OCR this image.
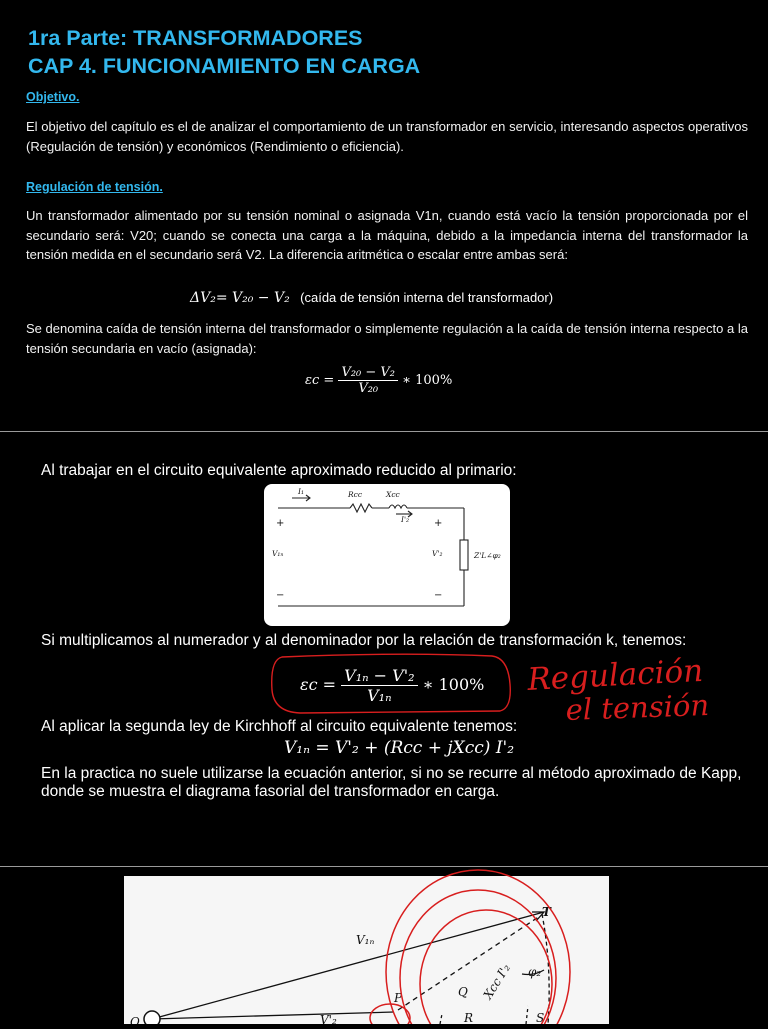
1ra Parte: TRANSFORMADORES
CAP 4. FUNCIONAMIENTO EN CARGA
Objetivo.
El objetivo del capítulo es el de analizar el comportamiento de un transformador en servicio, interesando aspectos operativos (Regulación de tensión) y económicos (Rendimiento o eficiencia).
Regulación de tensión.
Un transformador alimentado por su tensión nominal o asignada V1n, cuando está vacío la tensión proporcionada por el secundario será: V20; cuando se conecta una carga a la máquina, debido a la impedancia interna del transformador la tensión medida en el secundario será V2. La diferencia aritmética o escalar entre ambas será:
ΔV₂= V₂₀ − V₂ (caída de tensión interna del transformador)
Se denomina caída de tensión interna del transformador o simplemente regulación a la caída de tensión interna respecto a la tensión secundaria en vacío (asignada):
$\varepsilon c = \frac{\text{V₂₀ − V₂}}{\text{V₂₀}}$ ∗ 100%
Al trabajar en el circuito equivalente aproximado reducido al primario:
I₁	Rcc	Xcc
I'₂
V₁ₙ	V'₂	Z'L∠φ₂
+	+
−	−
Si multiplicamos al numerador y al denominador por la relación de transformación k, tenemos:
$\varepsilon c = \frac{\text{V₁ₙ − V'₂}}{\text{V₁ₙ}}$ ∗ 100%
Al aplicar la segunda ley de Kirchhoff al circuito equivalente tenemos:
V₁ₙ = V'₂ + (Rcc + jXcc) I'₂
En la practica no suele utilizarse la ecuación anterior, si no se recurre al método aproximado de Kapp, donde se muestra el diagrama fasorial del transformador en carga.
Regulación
el tensión
V₁ₙ
T
P	Q
O	V'₂
φ₂
R	S
Xcc I'₂
